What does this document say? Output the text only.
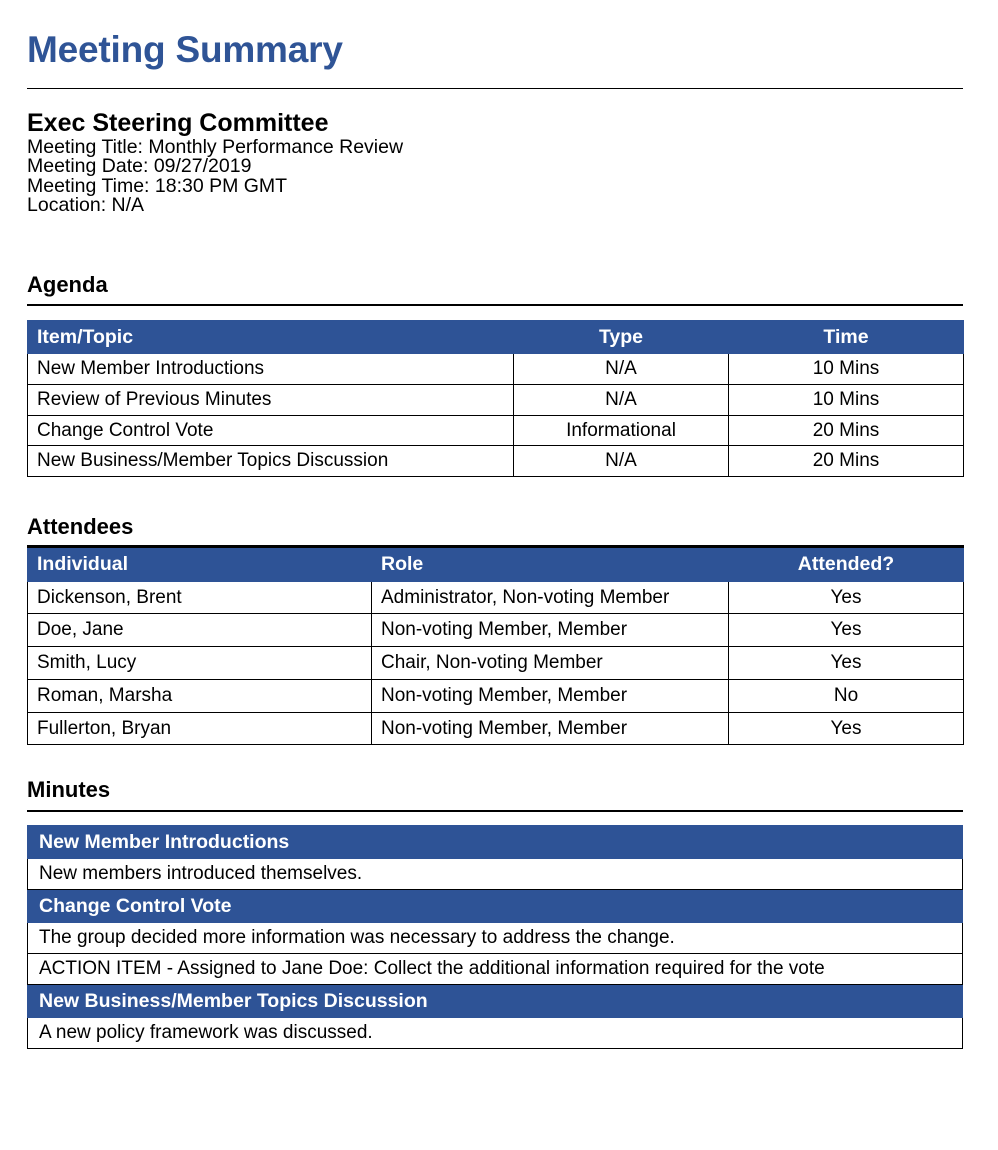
Meeting Summary
Exec Steering Committee
Meeting Title: Monthly Performance Review
Meeting Date: 09/27/2019
Meeting Time: 18:30 PM GMT
Location: N/A
Agenda
Item/Topic	Type	Time
New Member Introductions	N/A	10 Mins
Review of Previous Minutes	N/A	10 Mins
Change Control Vote	Informational	20 Mins
New Business/Member Topics Discussion	N/A	20 Mins
Attendees
Individual	Role	Attended?
Dickenson, Brent	Administrator, Non-voting Member	Yes
Doe, Jane	Non-voting Member, Member	Yes
Smith, Lucy	Chair, Non-voting Member	Yes
Roman, Marsha	Non-voting Member, Member	No
Fullerton, Bryan	Non-voting Member, Member	Yes
Minutes
New Member Introductions
New members introduced themselves.
Change Control Vote
The group decided more information was necessary to address the change.
ACTION ITEM - Assigned to Jane Doe: Collect the additional information required for the vote
New Business/Member Topics Discussion
A new policy framework was discussed.
